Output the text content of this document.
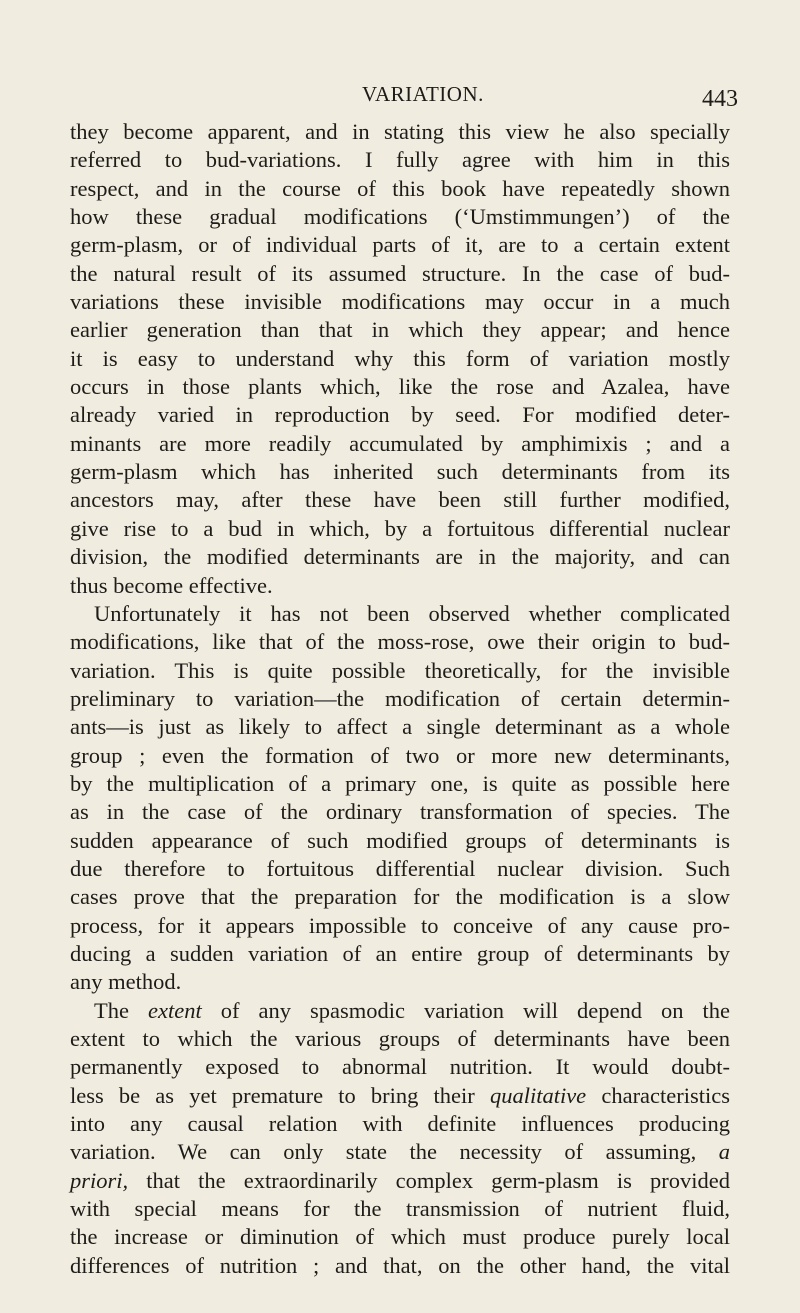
VARIATION.	443
they become apparent, and in stating this view he also specially
referred to bud-variations. I fully agree with him in this
respect, and in the course of this book have repeatedly shown
how these gradual modifications (‘Umstimmungen’) of the
germ-plasm, or of individual parts of it, are to a certain extent
the natural result of its assumed structure. In the case of bud-
variations these invisible modifications may occur in a much
earlier generation than that in which they appear; and hence
it is easy to understand why this form of variation mostly
occurs in those plants which, like the rose and Azalea, have
already varied in reproduction by seed. For modified deter-
minants are more readily accumulated by amphimixis ; and a
germ-plasm which has inherited such determinants from its
ancestors may, after these have been still further modified,
give rise to a bud in which, by a fortuitous differential nuclear
division, the modified determinants are in the majority, and can
thus become effective.
Unfortunately it has not been observed whether complicated
modifications, like that of the moss-rose, owe their origin to bud-
variation. This is quite possible theoretically, for the invisible
preliminary to variation—the modification of certain determin-
ants—is just as likely to affect a single determinant as a whole
group ; even the formation of two or more new determinants,
by the multiplication of a primary one, is quite as possible here
as in the case of the ordinary transformation of species. The
sudden appearance of such modified groups of determinants is
due therefore to fortuitous differential nuclear division. Such
cases prove that the preparation for the modification is a slow
process, for it appears impossible to conceive of any cause pro-
ducing a sudden variation of an entire group of determinants by
any method.
The extent of any spasmodic variation will depend on the
extent to which the various groups of determinants have been
permanently exposed to abnormal nutrition. It would doubt-
less be as yet premature to bring their qualitative characteristics
into any causal relation with definite influences producing
variation. We can only state the necessity of assuming, a
priori, that the extraordinarily complex germ-plasm is provided
with special means for the transmission of nutrient fluid,
the increase or diminution of which must produce purely local
differences of nutrition ; and that, on the other hand, the vital
